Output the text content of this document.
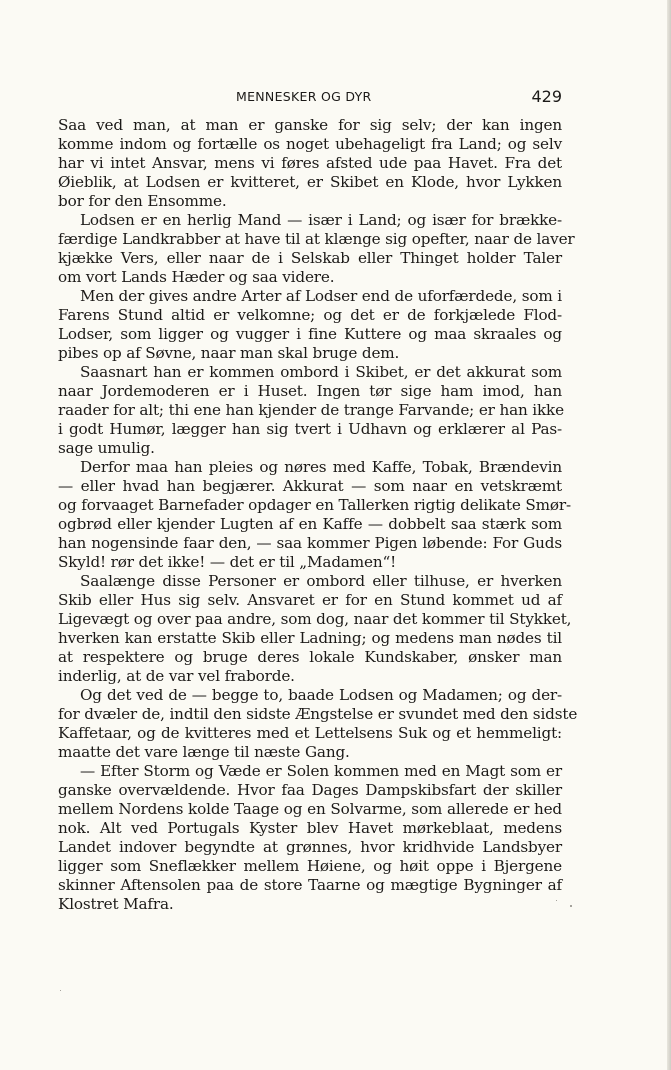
MENNESKER OG DYR	429
Saa ved man, at man er ganske for sig selv; der kan ingen
komme indom og fortælle os noget ubehageligt fra Land; og selv
har vi intet Ansvar, mens vi føres afsted ude paa Havet. Fra det
Øieblik, at Lodsen er kvitteret, er Skibet en Klode, hvor Lykken
bor for den Ensomme.
Lodsen er en herlig Mand — især i Land; og især for brække-
færdige Landkrabber at have til at klænge sig opefter, naar de laver
kjække Vers, eller naar de i Selskab eller Thinget holder Taler
om vort Lands Hæder og saa videre.
Men der gives andre Arter af Lodser end de uforfærdede, som i
Farens Stund altid er velkomne; og det er de forkjælede Flod-
Lodser, som ligger og vugger i fine Kuttere og maa skraales og
pibes op af Søvne, naar man skal bruge dem.
Saasnart han er kommen ombord i Skibet, er det akkurat som
naar Jordemoderen er i Huset. Ingen tør sige ham imod, han
raader for alt; thi ene han kjender de trange Farvande; er han ikke
i godt Humør, lægger han sig tvert i Udhavn og erklærer al Pas-
sage umulig.
Derfor maa han pleies og nøres med Kaffe, Tobak, Brændevin
— eller hvad han begjærer. Akkurat — som naar en vetskræmt
og forvaaget Barnefader opdager en Tallerken rigtig delikate Smør-
ogbrød eller kjender Lugten af en Kaffe — dobbelt saa stærk som
han nogensinde faar den, — saa kommer Pigen løbende: For Guds
Skyld! rør det ikke! — det er til „Madamen“!
Saalænge disse Personer er ombord eller tilhuse, er hverken
Skib eller Hus sig selv. Ansvaret er for en Stund kommet ud af
Ligevægt og over paa andre, som dog, naar det kommer til Stykket,
hverken kan erstatte Skib eller Ladning; og medens man nødes til
at respektere og bruge deres lokale Kundskaber, ønsker man
inderlig, at de var vel fraborde.
Og det ved de — begge to, baade Lodsen og Madamen; og der-
for dvæler de, indtil den sidste Ængstelse er svundet med den sidste
Kaffetaar, og de kvitteres med et Lettelsens Suk og et hemmeligt:
maatte det vare længe til næste Gang.
— Efter Storm og Væde er Solen kommen med en Magt som er
ganske overvældende. Hvor faa Dages Dampskibsfart der skiller
mellem Nordens kolde Taage og en Solvarme, som allerede er hed
nok. Alt ved Portugals Kyster blev Havet mørkeblaat, medens
Landet indover begyndte at grønnes, hvor kridhvide Landsbyer
ligger som Sneflækker mellem Høiene, og høit oppe i Bjergene
skinner Aftensolen paa de store Taarne og mægtige Bygninger af
Klostret Mafra.
